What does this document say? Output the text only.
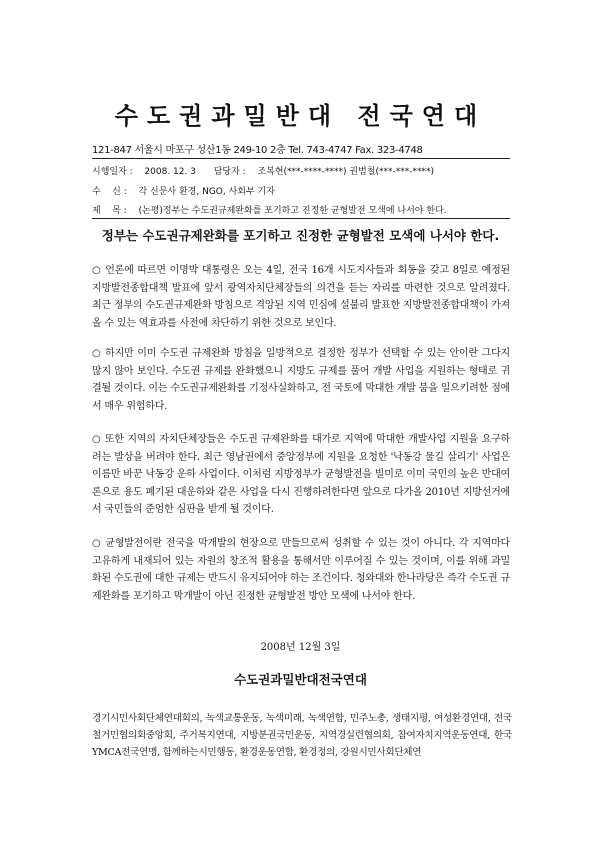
수도권과밀반대 전국연대
121-847 서울시 마포구 성산1동 249-10 2층 Tel. 743-4747 Fax. 323-4748
시행일자 : 2008. 12. 3 담당자 : 조복현(***-****-****) 권범철(***-***-****)
수    신 : 각 신문사 환경, NGO, 사회부 기자
제    목 : (논평)정부는 수도권규제완화를 포기하고 진정한 균형발전 모색에 나서야 한다.
정부는 수도권규제완화를 포기하고 진정한 균형발전 모색에 나서야 한다.
○ 언론에 따르면 이명박 대통령은 오는 4일, 전국 16개 시도지사들과 회동을 갖고 8일로 예정된 지방발전종합대책 발표에 앞서 광역자치단체장들의 의견을 듣는 자리를 마련한 것으로 알려졌다. 최근 정부의 수도권규제완화 방침으로 격앙된 지역 민심에 설불리 발표한 지방발전종합대책이 가져올 수 있는 역효과를 사전에 차단하기 위한 것으로 보인다.
○ 하지만 이미 수도권 규제완화 방침을 일방적으로 결정한 정부가 선택할 수 있는 안이란 그다지 많지 않아 보인다. 수도권 규제를 완화했으니 지방도 규제를 풀어 개발 사업을 지원하는 형태로 귀결될 것이다. 이는 수도권규제완화를 기정사실화하고, 전 국토에 막대한 개발 붐을 일으키려한 점에서 매우 위험하다.
○ 또한 지역의 자치단체장들은 수도권 규제완화를 대가로 지역에 막대한 개발사업 지원을 요구하려는 발상을 버려야 한다. 최근 영남권에서 중앙정부에 지원을 요청한 '낙동강 물길 살리기' 사업은 이름만 바꾼 낙동강 운하 사업이다. 이처럼 지방정부가 균형발전을 빌미로 이미 국민의 높은 반대여론으로 용도 폐기된 대운하와 같은 사업을 다시 진행하려한다면 앞으로 다가올 2010년 지방선거에서 국민들의 준엄한 심판을 받게 될 것이다.
○ 균형발전이란 전국을 막개발의 현장으로 만들므로써 성취할 수 있는 것이 아니다. 각 지역마다 고유하게 내재되어 있는 자원의 창조적 활용을 통해서만 이루어질 수 있는 것이며, 이를 위해 과밀화된 수도권에 대한 규제는 반드시 유지되어야 하는 조건이다. 청와대와 한나라당은 즉각 수도권 규제완화를 포기하고 막개발이 아닌 진정한 균형발전 방안 모색에 나서야 한다.
2008년 12월 3일
수도권과밀반대전국연대
경기시민사회단체연대회의, 녹색교통운동, 녹색미래, 녹색연합, 민주노총, 생태지평, 여성환경연대, 전국철거민협의회중앙회, 주거복지연대, 지방분권국민운동, 지역경실련협의회, 참여자치지역운동연대, 한국YMCA전국연맹, 함께하는시민행동, 환경운동연합, 환경정의, 강원시민사회단체연
